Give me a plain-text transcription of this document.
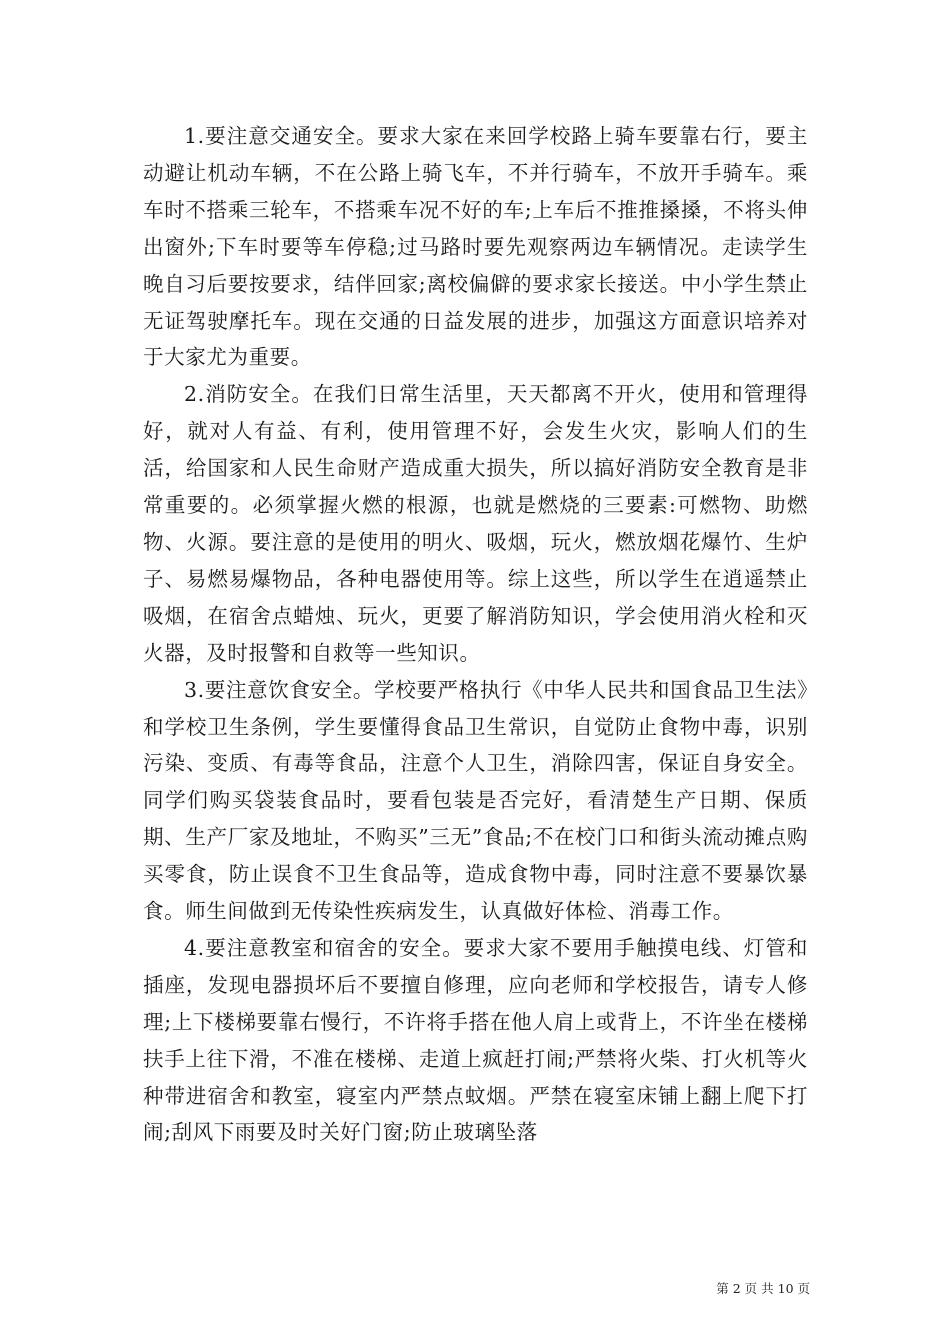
1.要注意交通安全。要求大家在来回学校路上骑车要靠右行，要主动避让机动车辆，不在公路上骑飞车，不并行骑车，不放开手骑车。乘车时不搭乘三轮车，不搭乘车况不好的车;上车后不推推搡搡，不将头伸出窗外;下车时要等车停稳;过马路时要先观察两边车辆情况。走读学生晚自习后要按要求，结伴回家;离校偏僻的要求家长接送。中小学生禁止无证驾驶摩托车。现在交通的日益发展的进步，加强这方面意识培养对于大家尤为重要。

2.消防安全。在我们日常生活里，天天都离不开火，使用和管理得好，就对人有益、有利，使用管理不好，会发生火灾，影响人们的生活，给国家和人民生命财产造成重大损失，所以搞好消防安全教育是非常重要的。必须掌握火燃的根源，也就是燃烧的三要素:可燃物、助燃物、火源。要注意的是使用的明火、吸烟，玩火，燃放烟花爆竹、生炉子、易燃易爆物品，各种电器使用等。综上这些，所以学生在逍遥禁止吸烟，在宿舍点蜡烛、玩火，更要了解消防知识，学会使用消火栓和灭火器，及时报警和自救等一些知识。

3.要注意饮食安全。学校要严格执行《中华人民共和国食品卫生法》和学校卫生条例，学生要懂得食品卫生常识，自觉防止食物中毒，识别污染、变质、有毒等食品，注意个人卫生，消除四害，保证自身安全。同学们购买袋装食品时，要看包装是否完好，看清楚生产日期、保质期、生产厂家及地址，不购买”三无”食品;不在校门口和街头流动摊点购买零食，防止误食不卫生食品等，造成食物中毒，同时注意不要暴饮暴食。师生间做到无传染性疾病发生，认真做好体检、消毒工作。

4.要注意教室和宿舍的安全。要求大家不要用手触摸电线、灯管和插座，发现电器损坏后不要擅自修理，应向老师和学校报告，请专人修理;上下楼梯要靠右慢行，不许将手搭在他人肩上或背上，不许坐在楼梯扶手上往下滑，不准在楼梯、走道上疯赶打闹;严禁将火柴、打火机等火种带进宿舍和教室，寝室内严禁点蚊烟。严禁在寝室床铺上翻上爬下打闹;刮风下雨要及时关好门窗;防止玻璃坠落

第 2 页 共 10 页
